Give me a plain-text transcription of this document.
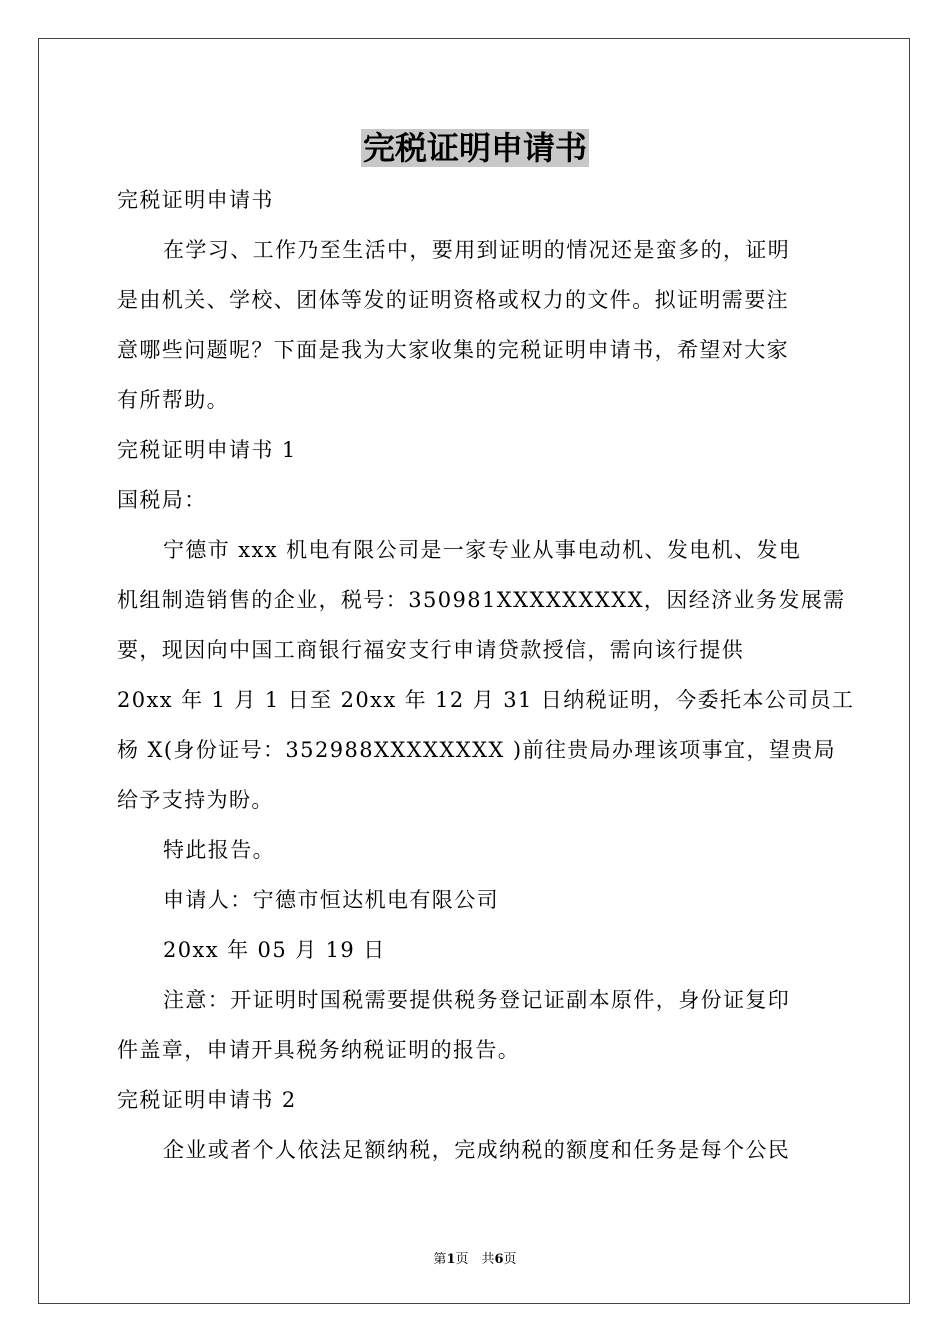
完税证明申请书
完税证明申请书
在学习、工作乃至生活中，要用到证明的情况还是蛮多的，证明
是由机关、学校、团体等发的证明资格或权力的文件。拟证明需要注
意哪些问题呢？下面是我为大家收集的完税证明申请书，希望对大家
有所帮助。
完税证明申请书 1
国税局：
宁德市 xxx 机电有限公司是一家专业从事电动机、发电机、发电
机组制造销售的企业，税号：350981XXXXXXXXX，因经济业务发展需
要，现因向中国工商银行福安支行申请贷款授信，需向该行提供
20xx 年 1 月 1 日至 20xx 年 12 月 31 日纳税证明，今委托本公司员工
杨 X(身份证号：352988XXXXXXXX )前往贵局办理该项事宜，望贵局
给予支持为盼。
特此报告。
申请人：宁德市恒达机电有限公司
20xx 年 05 月 19 日
注意：开证明时国税需要提供税务登记证副本原件，身份证复印
件盖章，申请开具税务纳税证明的报告。
完税证明申请书 2
企业或者个人依法足额纳税，完成纳税的额度和任务是每个公民
第1页　共6页
